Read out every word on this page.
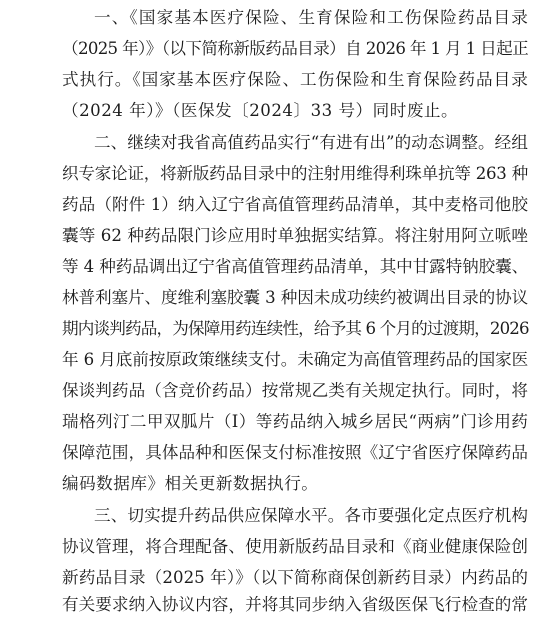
一、《国家基本医疗保险、生育保险和工伤保险药品目录
（2025 年）》（以下简称新版药品目录）自 2026 年 1 月 1 日起正
式执行。《国家基本医疗保险、工伤保险和生育保险药品目录
（2024 年）》（医保发〔2024〕33 号）同时废止。
二、继续对我省高值药品实行“有进有出”的动态调整。经组
织专家论证，将新版药品目录中的注射用维得利珠单抗等 263 种
药品（附件 1）纳入辽宁省高值管理药品清单，其中麦格司他胶
囊等 62 种药品限门诊应用时单独据实结算。将注射用阿立哌唑
等 4 种药品调出辽宁省高值管理药品清单，其中甘露特钠胶囊、
林普利塞片、度维利塞胶囊 3 种因未成功续约被调出目录的协议
期内谈判药品，为保障用药连续性，给予其 6 个月的过渡期，2026
年 6 月底前按原政策继续支付。未确定为高值管理药品的国家医
保谈判药品（含竞价药品）按常规乙类有关规定执行。同时，将
瑞格列汀二甲双胍片（Ⅰ）等药品纳入城乡居民“两病”门诊用药
保障范围，具体品种和医保支付标准按照《辽宁省医疗保障药品
编码数据库》相关更新数据执行。
三、切实提升药品供应保障水平。各市要强化定点医疗机构
协议管理，将合理配备、使用新版药品目录和《商业健康保险创
新药品目录（2025 年）》（以下简称商保创新药目录）内药品的
有关要求纳入协议内容，并将其同步纳入省级医保飞行检查的常
